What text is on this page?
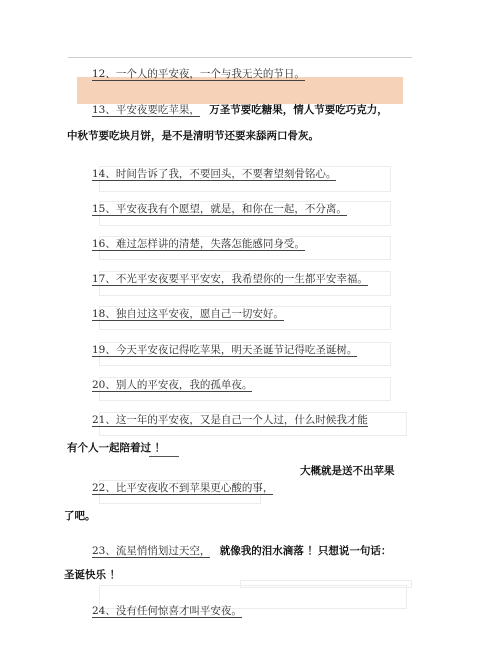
12、一个人的平安夜，一个与我无关的节日。
13、平安夜要吃苹果， 万圣节要吃糖果，情人节要吃巧克力，
中秋节要吃块月饼，是不是清明节还要来舔两口骨灰。
14、时间告诉了我，不要回头，不要奢望刻骨铭心。
15、平安夜我有个愿望，就是，和你在一起，不分离。
16、难过怎样讲的清楚，失落怎能感同身受。
17、不光平安夜要平平安安，我希望你的一生都平安幸福。
18、独自过这平安夜，愿自己一切安好。
19、今天平安夜记得吃苹果，明天圣诞节记得吃圣诞树。
20、别人的平安夜，我的孤单夜。
21、这一年的平安夜，又是自己一个人过，什么时候我才能
有个人一起陪着过 ！
大概就是送不出苹果
22、比平安夜收不到苹果更心酸的事，
了吧。
23、流星悄悄划过天空， 就像我的泪水滴落 ！只想说一句话：
圣诞快乐 ！
24、没有任何惊喜才叫平安夜。
